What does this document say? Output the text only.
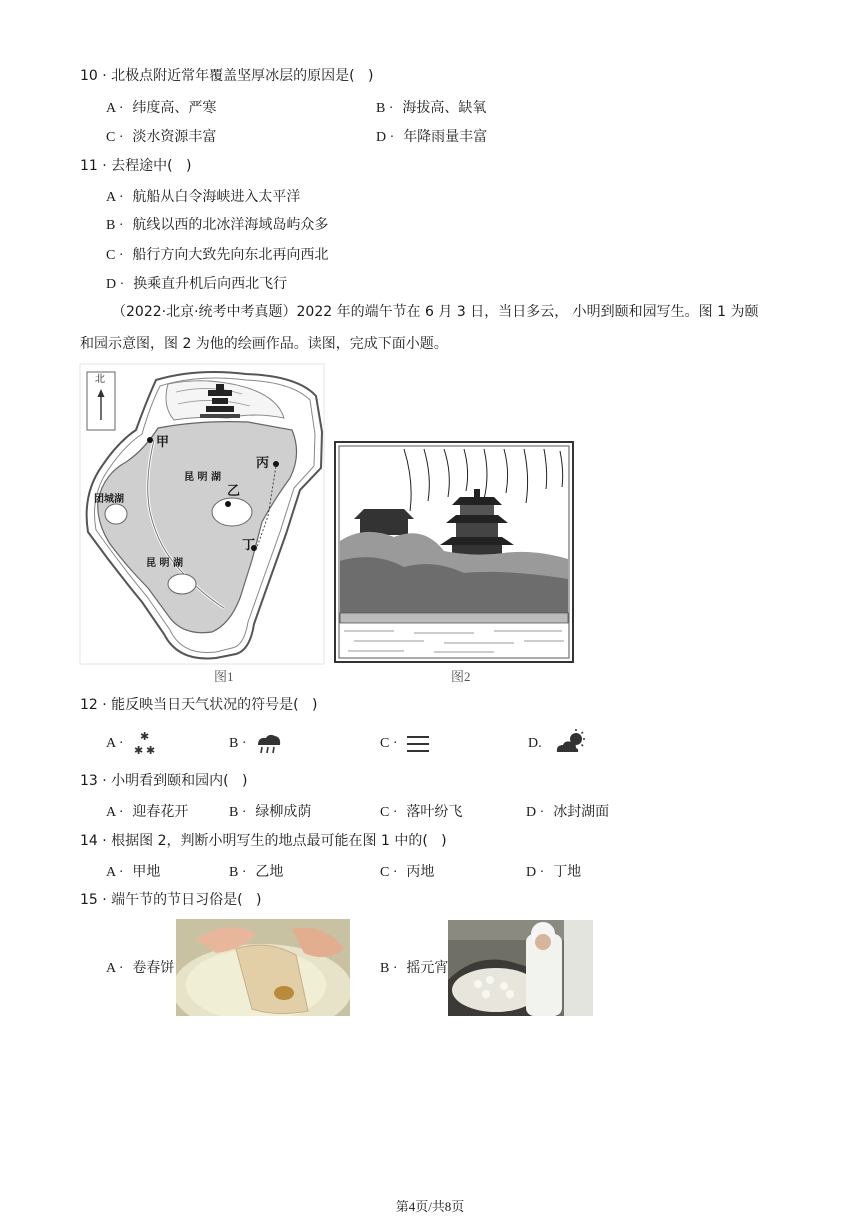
10 · 北极点附近常年覆盖坚厚冰层的原因是(   )
A · 纬度高、严寒	B · 海拔高、缺氧
C · 淡水资源丰富	D · 年降雨量丰富
11 · 去程途中(   )
A · 航船从白令海峡进入太平洋
B · 航线以西的北冰洋海域岛屿众多
C · 船行方向大致先向东北再向西北
D · 换乘直升机后向西北飞行
（2022·北京·统考中考真题）2022 年的端午节在 6 月 3 日，当日多云， 小明到颐和园写生。图 1 为颐
和园示意图，图 2 为他的绘画作品。读图，完成下面小题。
北
甲
丙
乙
丁
昆 明 湖
昆 明 湖
团城湖
图1	图2
12 · 能反映当日天气状况的符号是(   )
A · ✱
✱ ✱	B ·	C ·	D.
13 · 小明看到颐和园内(   )
A · 迎春花开	B · 绿柳成荫	C · 落叶纷飞	D · 冰封湖面
14 · 根据图 2，判断小明写生的地点最可能在图 1 中的(   )
A · 甲地	B · 乙地	C · 丙地	D · 丁地
15 · 端午节的节日习俗是(   )
A · 卷春饼	B · 摇元宵
第4页/共8页
